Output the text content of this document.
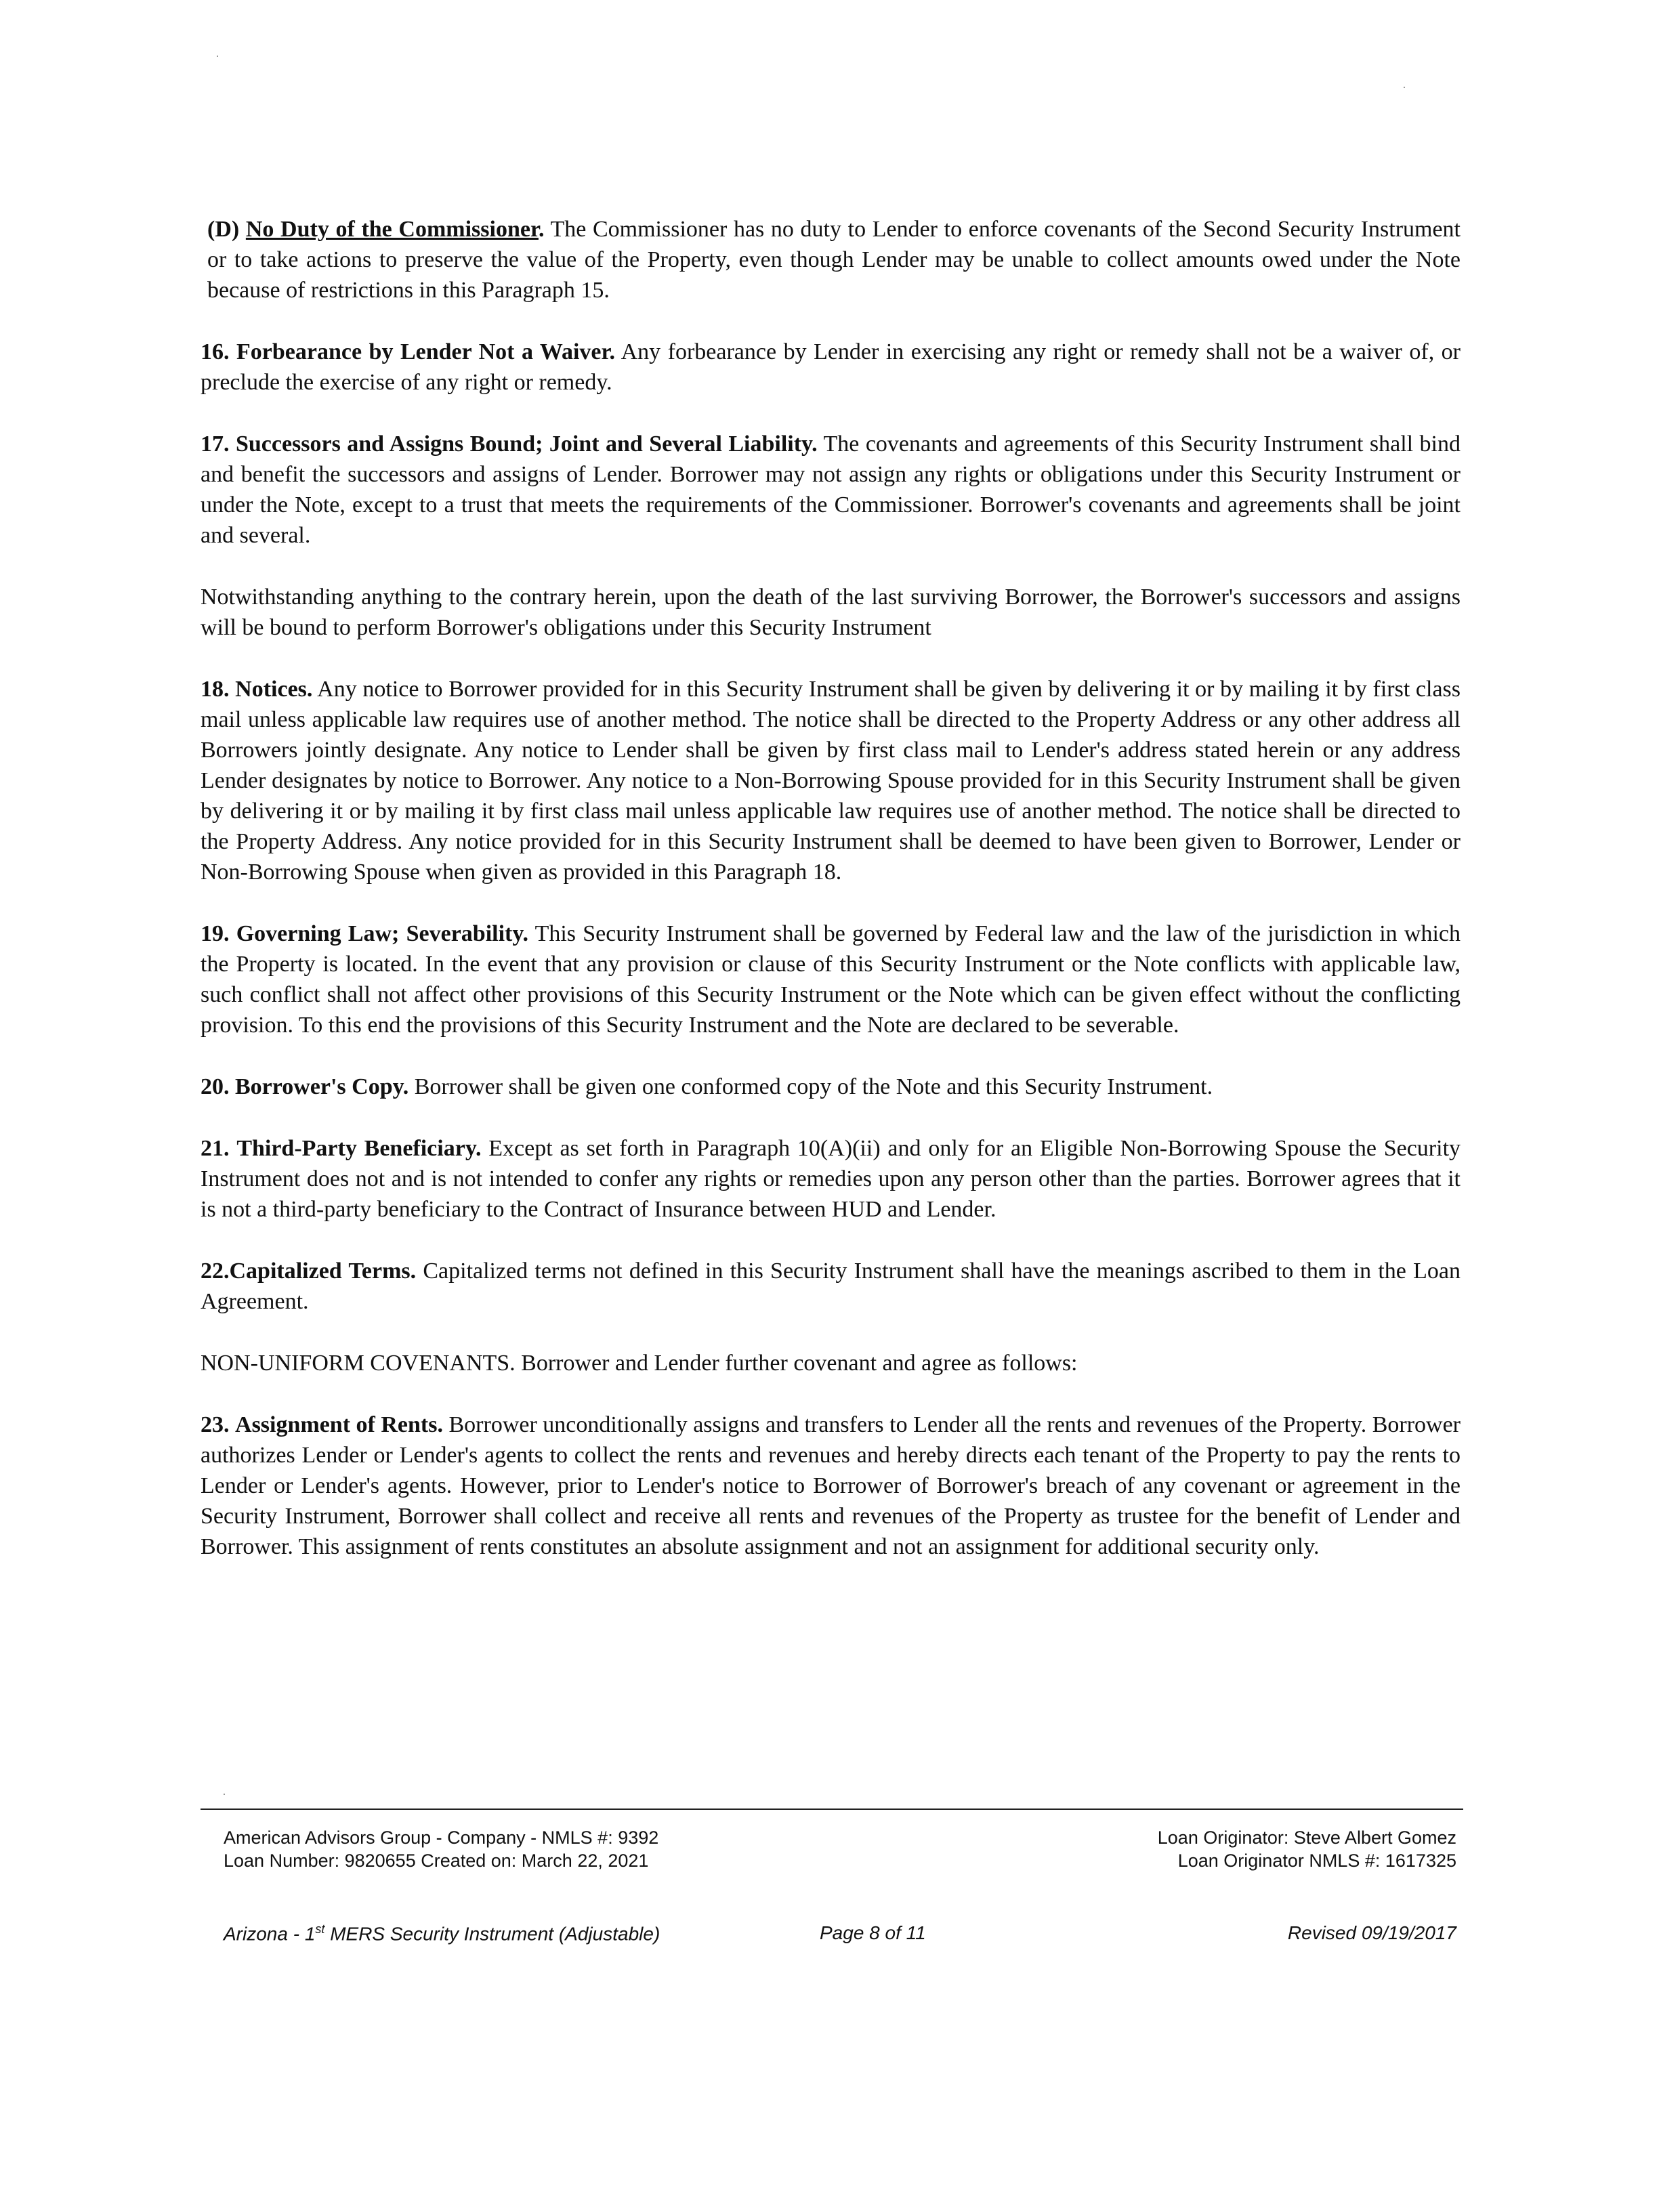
(D) No Duty of the Commissioner. The Commissioner has no duty to Lender to enforce covenants of the Second Security Instrument or to take actions to preserve the value of the Property, even though Lender may be unable to collect amounts owed under the Note because of restrictions in this Paragraph 15.

16. Forbearance by Lender Not a Waiver. Any forbearance by Lender in exercising any right or remedy shall not be a waiver of, or preclude the exercise of any right or remedy.

17. Successors and Assigns Bound; Joint and Several Liability. The covenants and agreements of this Security Instrument shall bind and benefit the successors and assigns of Lender. Borrower may not assign any rights or obligations under this Security Instrument or under the Note, except to a trust that meets the requirements of the Commissioner. Borrower's covenants and agreements shall be joint and several.

Notwithstanding anything to the contrary herein, upon the death of the last surviving Borrower, the Borrower's successors and assigns will be bound to perform Borrower's obligations under this Security Instrument

18. Notices. Any notice to Borrower provided for in this Security Instrument shall be given by delivering it or by mailing it by first class mail unless applicable law requires use of another method. The notice shall be directed to the Property Address or any other address all Borrowers jointly designate. Any notice to Lender shall be given by first class mail to Lender's address stated herein or any address Lender designates by notice to Borrower. Any notice to a Non-Borrowing Spouse provided for in this Security Instrument shall be given by delivering it or by mailing it by first class mail unless applicable law requires use of another method. The notice shall be directed to the Property Address. Any notice provided for in this Security Instrument shall be deemed to have been given to Borrower, Lender or Non-Borrowing Spouse when given as provided in this Paragraph 18.

19. Governing Law; Severability. This Security Instrument shall be governed by Federal law and the law of the jurisdiction in which the Property is located. In the event that any provision or clause of this Security Instrument or the Note conflicts with applicable law, such conflict shall not affect other provisions of this Security Instrument or the Note which can be given effect without the conflicting provision. To this end the provisions of this Security Instrument and the Note are declared to be severable.

20. Borrower's Copy. Borrower shall be given one conformed copy of the Note and this Security Instrument.

21. Third-Party Beneficiary. Except as set forth in Paragraph 10(A)(ii) and only for an Eligible Non-Borrowing Spouse the Security Instrument does not and is not intended to confer any rights or remedies upon any person other than the parties. Borrower agrees that it is not a third-party beneficiary to the Contract of Insurance between HUD and Lender.

22.Capitalized Terms. Capitalized terms not defined in this Security Instrument shall have the meanings ascribed to them in the Loan Agreement.

NON-UNIFORM COVENANTS. Borrower and Lender further covenant and agree as follows:

23. Assignment of Rents. Borrower unconditionally assigns and transfers to Lender all the rents and revenues of the Property. Borrower authorizes Lender or Lender's agents to collect the rents and revenues and hereby directs each tenant of the Property to pay the rents to Lender or Lender's agents. However, prior to Lender's notice to Borrower of Borrower's breach of any covenant or agreement in the Security Instrument, Borrower shall collect and receive all rents and revenues of the Property as trustee for the benefit of Lender and Borrower. This assignment of rents constitutes an absolute assignment and not an assignment for additional security only.

American Advisors Group - Company - NMLS #: 9392
Loan Number: 9820655 Created on: March 22, 2021
Loan Originator: Steve Albert Gomez
Loan Originator NMLS #: 1617325
Arizona - 1st MERS Security Instrument (Adjustable)	Page 8 of 11	Revised 09/19/2017
